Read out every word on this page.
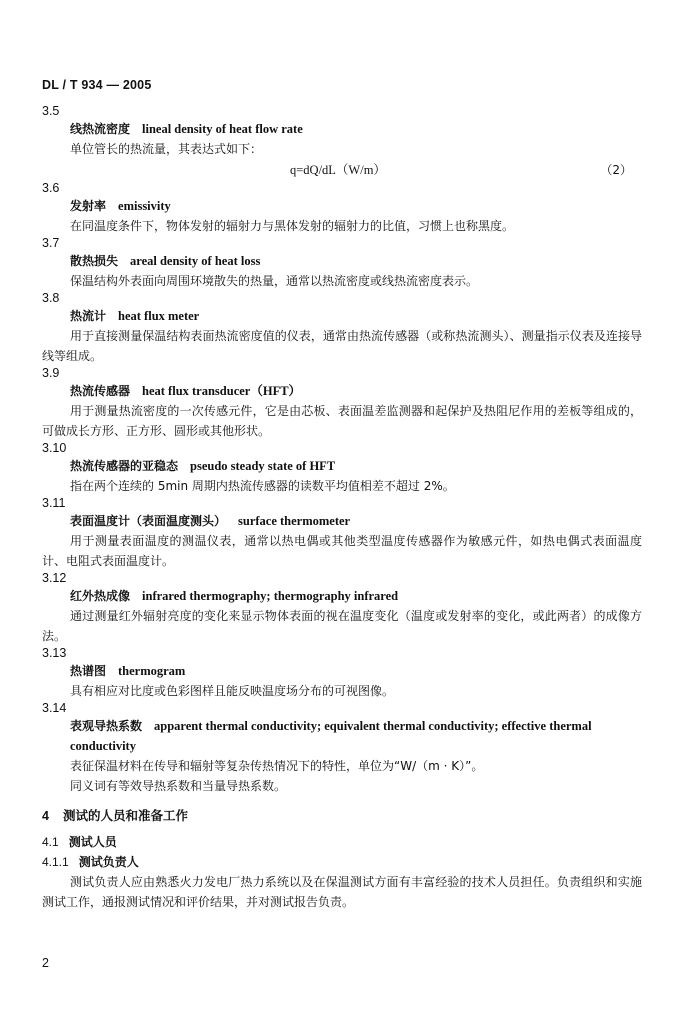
DL / T 934 — 2005
3.5
线热流密度 lineal density of heat flow rate

单位管长的热流量，其表达式如下：

q=dQ/dL（W/m）	（2）
3.6
发射率 emissivity

在同温度条件下，物体发射的辐射力与黑体发射的辐射力的比值，习惯上也称黑度。

3.7
散热损失 areal density of heat loss

保温结构外表面向周围环境散失的热量，通常以热流密度或线热流密度表示。

3.8
热流计 heat flux meter

用于直接测量保温结构表面热流密度值的仪表，通常由热流传感器（或称热流测头）、测量指示仪表及连接导线等组成。

3.9
热流传感器 heat flux transducer（HFT）

用于测量热流密度的一次传感元件，它是由芯板、表面温差监测器和起保护及热阻尼作用的差板等组成的，可做成长方形、正方形、圆形或其他形状。

3.10
热流传感器的亚稳态 pseudo steady state of HFT

指在两个连续的 5min 周期内热流传感器的读数平均值相差不超过 2%。

3.11
表面温度计（表面温度测头） surface thermometer

用于测量表面温度的测温仪表，通常以热电偶或其他类型温度传感器作为敏感元件，如热电偶式表面温度计、电阻式表面温度计。

3.12
红外热成像 infrared thermography; thermography infrared

通过测量红外辐射亮度的变化来显示物体表面的视在温度变化（温度或发射率的变化，或此两者）的成像方法。

3.13
热谱图 thermogram

具有相应对比度或色彩图样且能反映温度场分布的可视图像。

3.14
表观导热系数 apparent thermal conductivity; equivalent thermal conductivity; effective thermal conductivity

表征保温材料在传导和辐射等复杂传热情况下的特性，单位为“W/（m · K）”。

同义词有等效导热系数和当量导热系数。

4 测试的人员和准备工作
4.1 测试人员
4.1.1 测试负责人

测试负责人应由熟悉火力发电厂热力系统以及在保温测试方面有丰富经验的技术人员担任。负责组织和实施测试工作，通报测试情况和评价结果，并对测试报告负责。

2
